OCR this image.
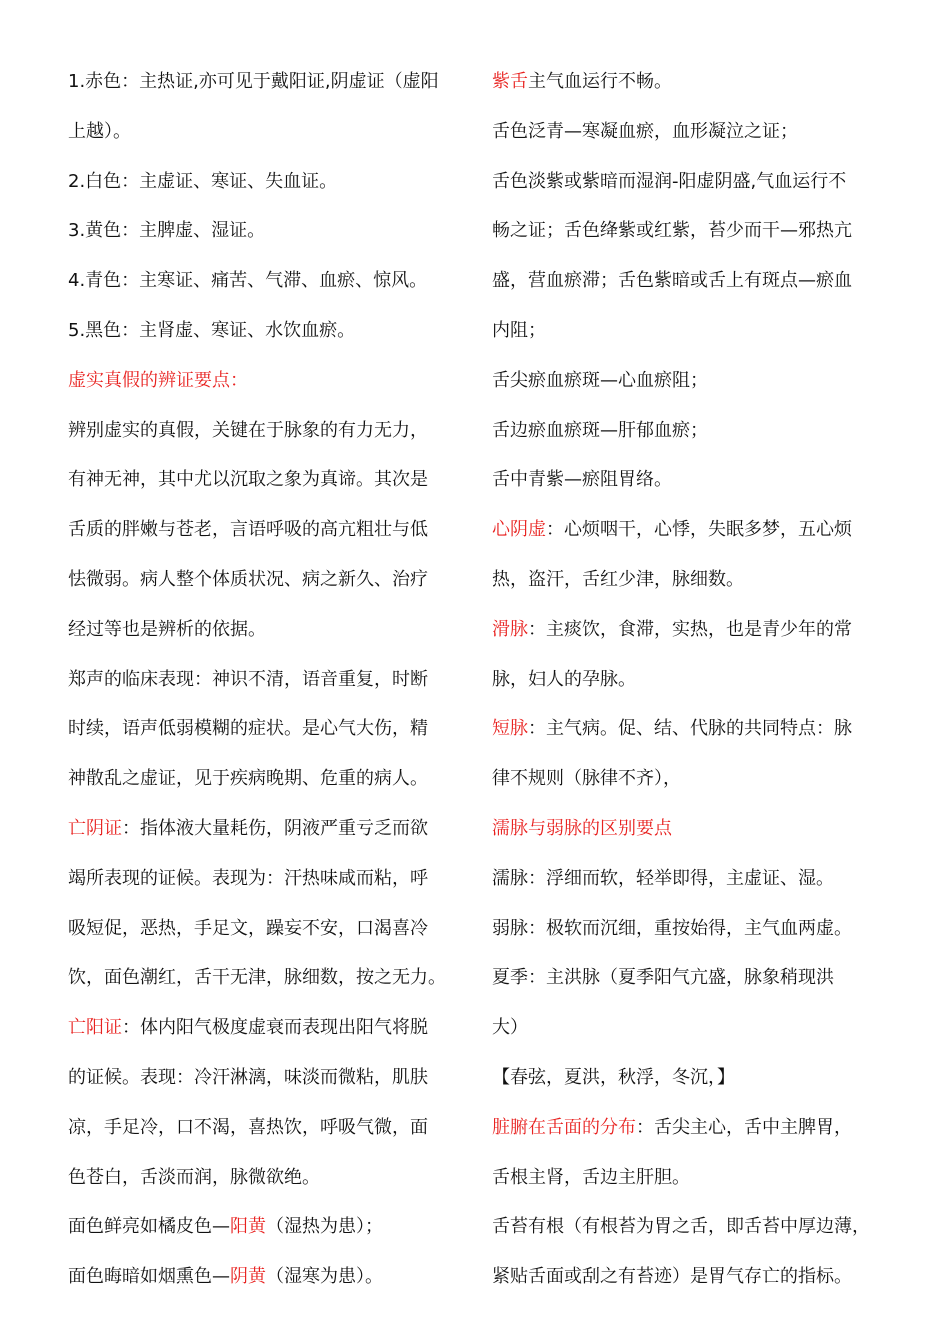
1.赤色：主热证,亦可见于戴阳证,阴虚证（虚阳
上越）。
2.白色：主虚证、寒证、失血证。
3.黄色：主脾虚、湿证。
4.青色：主寒证、痛苦、气滞、血瘀、惊风。
5.黑色：主肾虚、寒证、水饮血瘀。
虚实真假的辨证要点：
辨别虚实的真假，关键在于脉象的有力无力，
有神无神，其中尤以沉取之象为真谛。其次是
舌质的胖嫩与苍老，言语呼吸的高亢粗壮与低
怯微弱。病人整个体质状况、病之新久、治疗
经过等也是辨析的依据。
郑声的临床表现：神识不清，语音重复，时断
时续，语声低弱模糊的症状。是心气大伤，精
神散乱之虚证，见于疾病晚期、危重的病人。
亡阴证：指体液大量耗伤，阴液严重亏乏而欲
竭所表现的证候。表现为：汗热味咸而粘，呼
吸短促，恶热，手足文，躁妄不安，口渴喜冷
饮，面色潮红，舌干无津，脉细数，按之无力。
亡阳证：体内阳气极度虚衰而表现出阳气将脱
的证候。表现：冷汗淋漓，味淡而微粘，肌肤
凉，手足冷，口不渴，喜热饮，呼吸气微，面
色苍白，舌淡而润，脉微欲绝。
面色鲜亮如橘皮色—阳黄（湿热为患）；
面色晦暗如烟熏色—阴黄（湿寒为患）。
紫舌主气血运行不畅。
舌色泛青—寒凝血瘀，血形凝泣之证；
舌色淡紫或紫暗而湿润-阳虚阴盛,气血运行不
畅之证；舌色绛紫或红紫，苔少而干—邪热亢
盛，营血瘀滞；舌色紫暗或舌上有斑点—瘀血
内阻；
舌尖瘀血瘀斑—心血瘀阻；
舌边瘀血瘀斑—肝郁血瘀；
舌中青紫—瘀阻胃络。
心阴虚：心烦咽干，心悸，失眠多梦，五心烦
热，盗汗，舌红少津，脉细数。
滑脉：主痰饮，食滞，实热，也是青少年的常
脉，妇人的孕脉。
短脉：主气病。促、结、代脉的共同特点：脉
律不规则（脉律不齐），
濡脉与弱脉的区别要点
濡脉：浮细而软，轻举即得，主虚证、湿。
弱脉：极软而沉细，重按始得，主气血两虚。
夏季：主洪脉（夏季阳气亢盛，脉象稍现洪
大）
【春弦，夏洪，秋浮，冬沉，】
脏腑在舌面的分布：舌尖主心，舌中主脾胃，
舌根主肾，舌边主肝胆。
舌苔有根（有根苔为胃之舌，即舌苔中厚边薄，
紧贴舌面或刮之有苔迹）是胃气存亡的指标。
